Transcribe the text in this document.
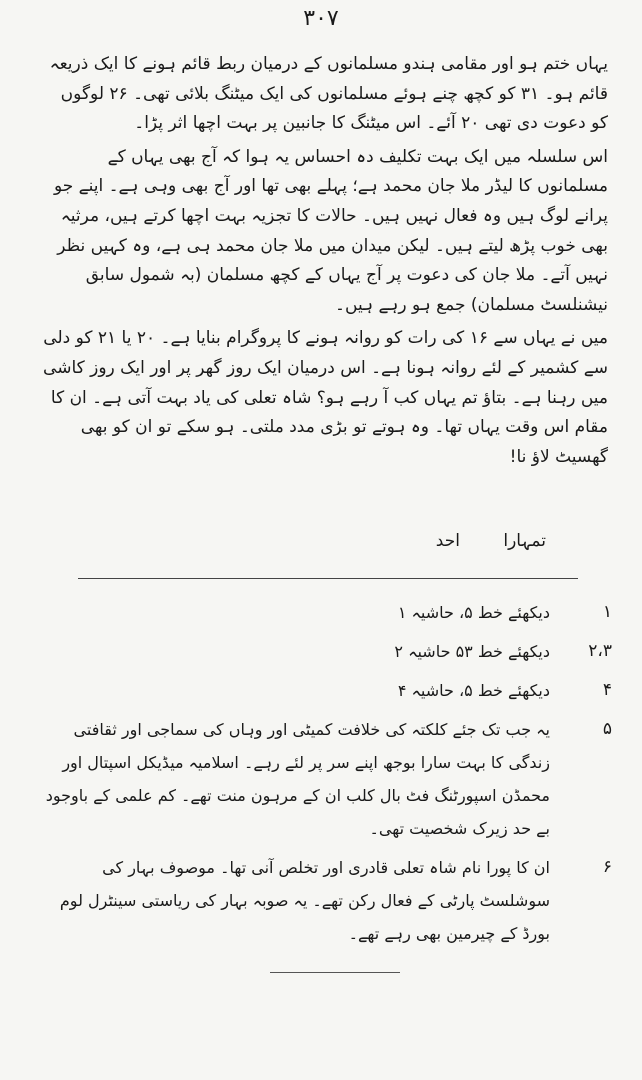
۳۰۷

یہاں ختم ہو اور مقامی ہندو مسلمانوں کے درمیان ربط قائم ہونے کا ایک ذریعہ قائم ہو۔ ۳۱ کو کچھ چنے ہوئے مسلمانوں کی ایک میٹنگ بلائی تھی۔ ۲۶ لوگوں کو دعوت دی تھی ۲۰ آئے۔ اس میٹنگ کا جانبین پر بہت اچھا اثر پڑا۔

اس سلسلہ میں ایک بہت تکلیف دہ احساس یہ ہوا کہ آج بھی یہاں کے مسلمانوں کا لیڈر ملا جان محمد ہے؛ پہلے بھی تھا اور آج بھی وہی ہے۔ اپنے جو پرانے لوگ ہیں وہ فعال نہیں ہیں۔ حالات کا تجزیہ بہت اچھا کرتے ہیں، مرثیہ بھی خوب پڑھ لیتے ہیں۔ لیکن میدان میں ملا جان محمد ہی ہے، وہ کہیں نظر نہیں آتے۔ ملا جان کی دعوت پر آج یہاں کے کچھ مسلمان (بہ شمول سابق نیشنلسٹ مسلمان) جمع ہو رہے ہیں۔

میں نے یہاں سے ۱۶ کی رات کو روانہ ہونے کا پروگرام بنایا ہے۔ ۲۰ یا ۲۱ کو دلی سے کشمیر کے لئے روانہ ہونا ہے۔ اس درمیان ایک روز گھر پر اور ایک روز کاشی میں رہنا ہے۔ بتاؤ تم یہاں کب آ رہے ہو؟ شاہ تعلی کی یاد بہت آتی ہے۔ ان کا مقام اس وقت یہاں تھا۔ وہ ہوتے تو بڑی مدد ملتی۔ ہو سکے تو ان کو بھی گھسیٹ لاؤ نا!

تمہارا احد
۱
دیکھئے خط ۵، حاشیہ ۱
۲،۳
دیکھئے خط ۵۳ حاشیہ ۲
۴
دیکھئے خط ۵، حاشیہ ۴
۵
یہ جب تک جئے کلکتہ کی خلافت کمیٹی اور وہاں کی سماجی اور ثقافتی زندگی کا بہت سارا بوجھ اپنے سر پر لئے رہے۔ اسلامیہ میڈیکل اسپتال اور محمڈن اسپورٹنگ فٹ بال کلب ان کے مرہون منت تھے۔ کم علمی کے باوجود بے حد زیرک شخصیت تھی۔
۶
ان کا پورا نام شاہ تعلی قادری اور تخلص آنی تھا۔ موصوف بہار کی سوشلسٹ پارٹی کے فعال رکن تھے۔ یہ صوبہ بہار کی ریاستی سینٹرل لوم بورڈ کے چیرمین بھی رہے تھے۔
